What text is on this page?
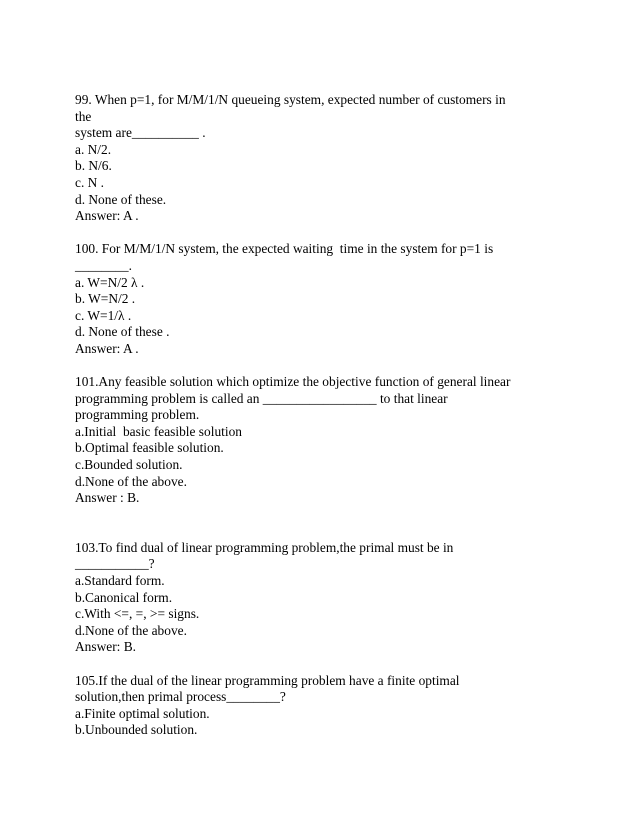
99. When p=1, for M/M/1/N queueing system, expected number of customers in
the
system are__________ .
a. N/2.
b. N/6.
c. N .
d. None of these.
Answer: A .
100. For M/M/1/N system, the expected waiting  time in the system for p=1 is
________.
a. W=N/2 λ .
b. W=N/2 .
c. W=1/λ .
d. None of these .
Answer: A .
101.Any feasible solution which optimize the objective function of general linear
programming problem is called an _________________ to that linear
programming problem.
a.Initial  basic feasible solution
b.Optimal feasible solution.
c.Bounded solution.
d.None of the above.
Answer : B.
103.To find dual of linear programming problem,the primal must be in
___________?
a.Standard form.
b.Canonical form.
c.With <=, =, >= signs.
d.None of the above.
Answer: B.
105.If the dual of the linear programming problem have a finite optimal
solution,then primal process________?
a.Finite optimal solution.
b.Unbounded solution.
